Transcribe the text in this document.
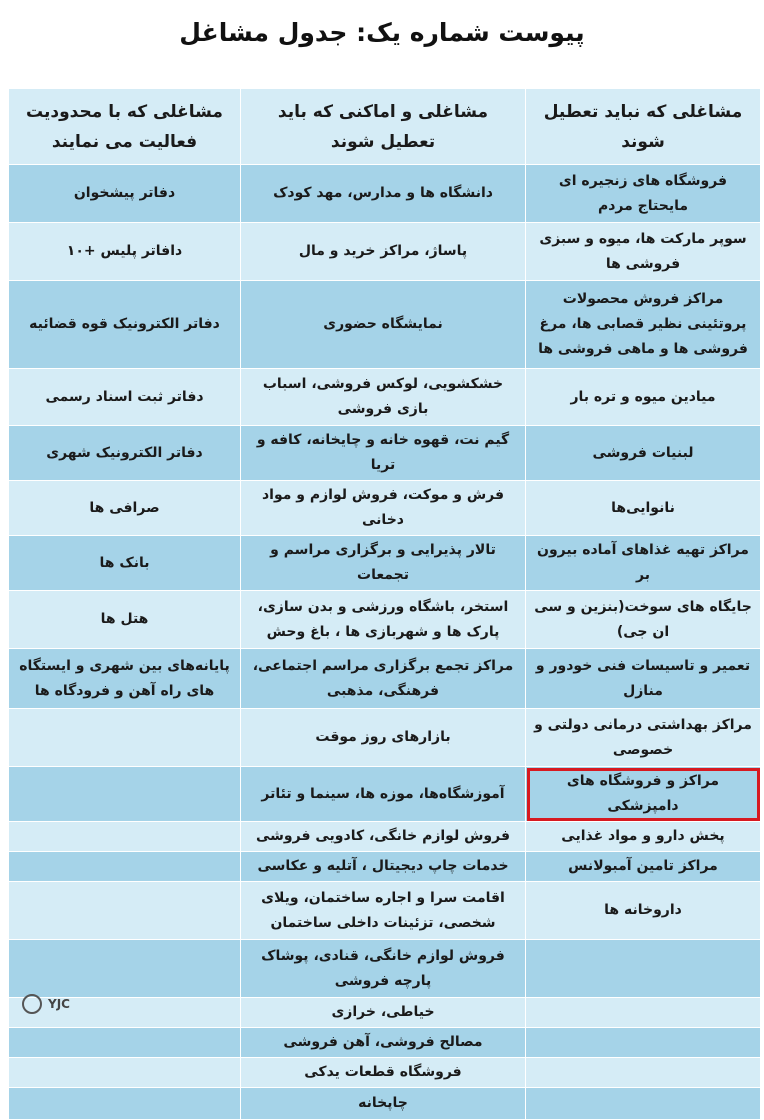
پیوست شماره یک: جدول مشاغل
مشاغلی که نباید تعطیل شوند	مشاغلی و اماکنی که باید تعطیل شوند	مشاغلی که با محدودیت فعالیت می نمایند
فروشگاه های زنجیره ای مایحتاج مردم	دانشگاه ها و مدارس، مهد کودک	دفاتر پیشخوان
سوپر مارکت ها، میوه و سبزی فروشی ها	پاساژ، مراکز خرید و مال	دافاتر پلیس +۱۰
مراکز فروش محصولات پروتئینی نظیر قصابی ها، مرغ فروشی ها و ماهی فروشی ها	نمایشگاه حضوری	دفاتر الکترونیک قوه قضائیه
میادین میوه و تره بار	خشکشویی، لوکس فروشی، اسباب بازی فروشی	دفاتر ثبت اسناد رسمی
لبنیات فروشی	گیم نت، قهوه خانه و چایخانه، کافه و تریا	دفاتر الکترونیک شهری
نانوایی‌ها	فرش و موکت، فروش لوازم و مواد دخانی	صرافی ها
مراکز تهیه غذاهای آماده بیرون بر	تالار پذیرایی و برگزاری مراسم و تجمعات	بانک ها
جایگاه های سوخت(بنزین و سی ان جی)	استخر، باشگاه ورزشی و بدن سازی، پارک ها و شهربازی ها ، باغ وحش	هتل ها
تعمیر و تاسیسات فنی خودور و منازل	مراکز تجمع برگزاری مراسم اجتماعی، فرهنگی، مذهبی	پایانه‌های بین شهری و ایستگاه های راه آهن و فرودگاه ها
مراکز بهداشتی درمانی دولتی و خصوصی	بازارهای روز موقت	
مراکز و فروشگاه های دامپزشکی	آموزشگاه‌ها، موزه ها، سینما و تئاتر	
پخش دارو و مواد غذایی	فروش لوازم خانگی، کادویی فروشی	
مراکز تامین آمبولانس	خدمات چاپ دیجیتال ، آتلیه و عکاسی	
داروخانه ها	اقامت سرا و اجاره ساختمان، ویلای شخصی، تزئینات داخلی ساختمان	
	فروش لوازم خانگی، قنادی، پوشاک پارچه فروشی	
	خیاطی، خرازی	
	مصالح فروشی، آهن فروشی	
	فروشگاه قطعات یدکی	
	چاپخانه	
YJC
